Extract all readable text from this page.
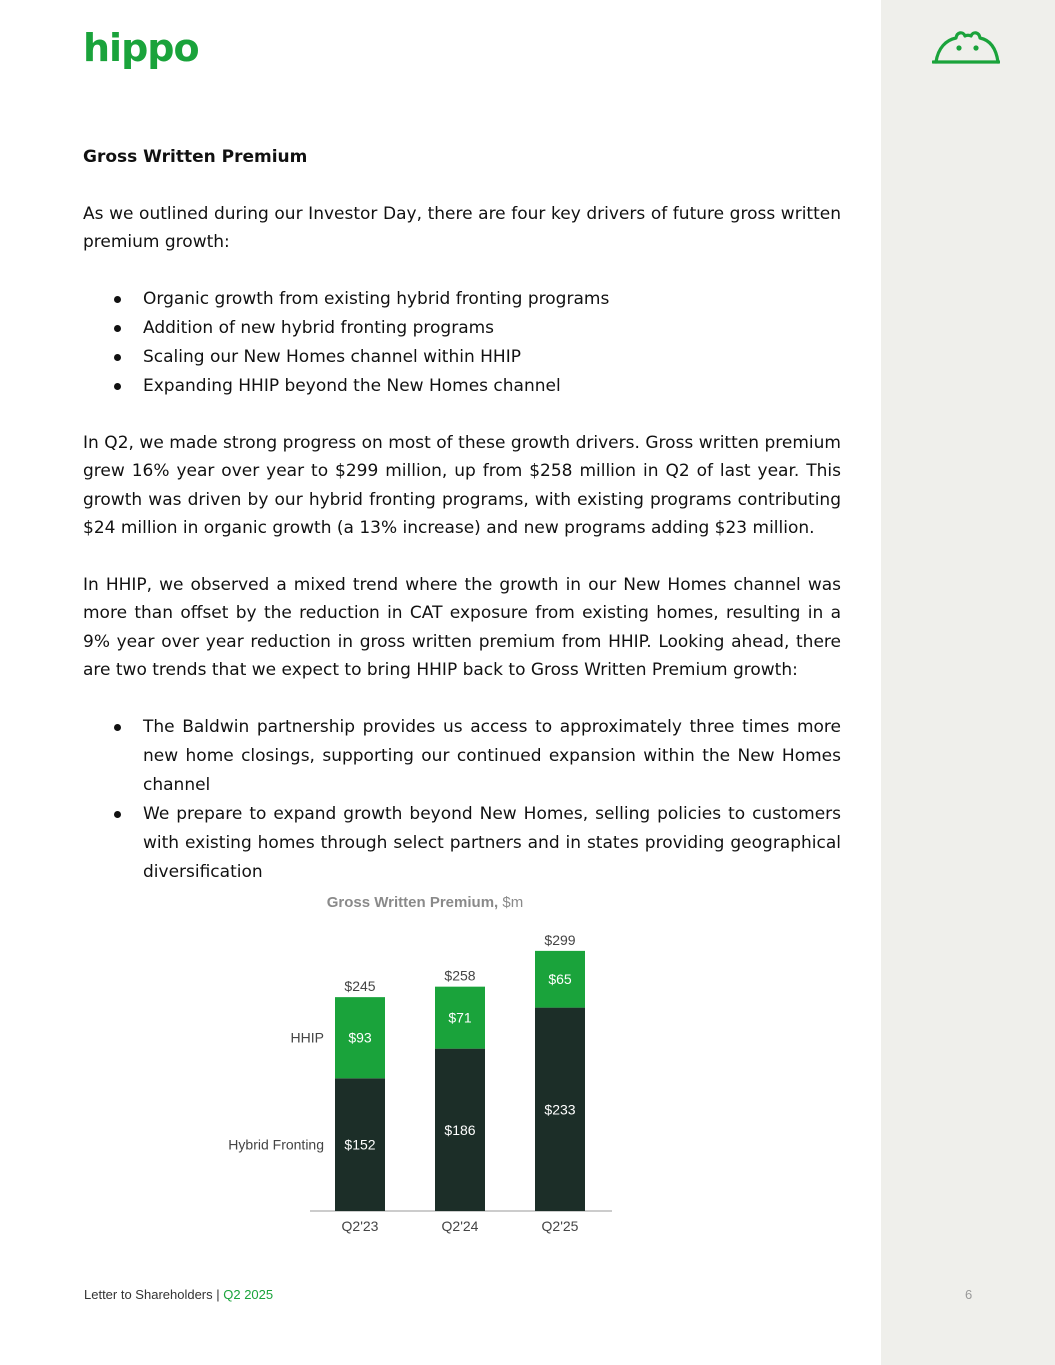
hippo
Gross Written Premium

As we outlined during our Investor Day, there are four key drivers of future gross written premium growth:

Organic growth from existing hybrid fronting programs
Addition of new hybrid fronting programs
Scaling our New Homes channel within HHIP
Expanding HHIP beyond the New Homes channel

In Q2, we made strong progress on most of these growth drivers. Gross written premium grew 16% year over year to $299 million, up from $258 million in Q2 of last year. This growth was driven by our hybrid fronting programs, with existing programs contributing $24 million in organic growth (a 13% increase) and new programs adding $23 million.

In HHIP, we observed a mixed trend where the growth in our New Homes channel was more than offset by the reduction in CAT exposure from existing homes, resulting in a 9% year over year reduction in gross written premium from HHIP. Looking ahead, there are two trends that we expect to bring HHIP back to Gross Written Premium growth:

The Baldwin partnership provides us access to approximately three times more new home closings, supporting our continued expansion within the New Homes channel
We prepare to expand growth beyond New Homes, selling policies to customers with existing homes through select partners and in states providing geographical diversification
Gross Written Premium, $m
$152
$93
$245
Q2'23
$186
$71
$258
Q2'24
$233
$65
$299
Q2'25
Hybrid Fronting
HHIP
Letter to Shareholders | Q2 2025	6
